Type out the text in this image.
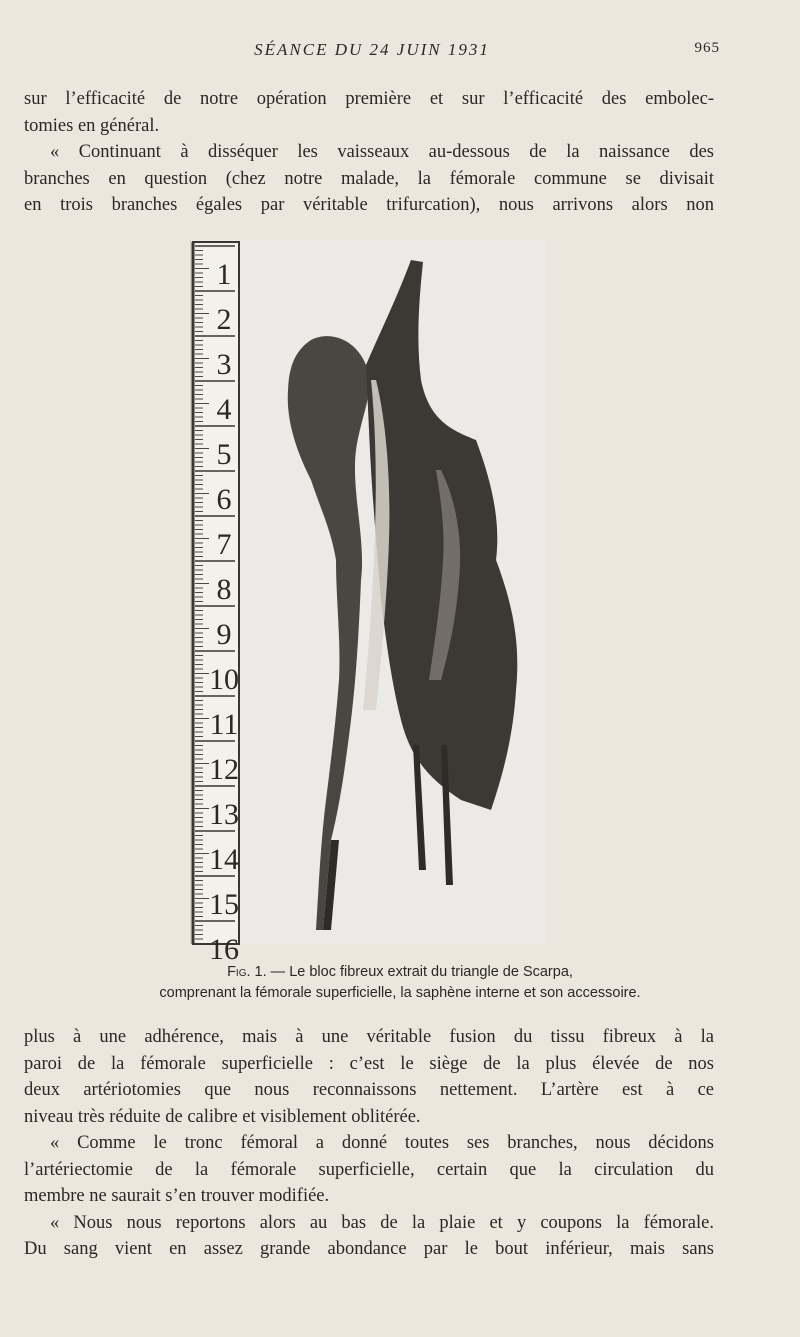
SÉANCE DU 24 JUIN 1931	965
sur l’efficacité de notre opération première et sur l’efficacité des embolec-
tomies en général.
« Continuant à disséquer les vaisseaux au-dessous de la naissance des
branches en question (chez notre malade, la fémorale commune se divisait
en trois branches égales par véritable trifurcation), nous arrivons alors non
1
2
3
4
5
6
7
8
9
10
11
12
13
14
15
16
Fig. 1. — Le bloc fibreux extrait du triangle de Scarpa,
comprenant la fémorale superficielle, la saphène interne et son accessoire.
plus à une adhérence, mais à une véritable fusion du tissu fibreux à la
paroi de la fémorale superficielle : c’est le siège de la plus élevée de nos
deux artériotomies que nous reconnaissons nettement. L’artère est à ce
niveau très réduite de calibre et visiblement oblitérée.
« Comme le tronc fémoral a donné toutes ses branches, nous décidons
l’artériectomie de la fémorale superficielle, certain que la circulation du
membre ne saurait s’en trouver modifiée.
« Nous nous reportons alors au bas de la plaie et y coupons la fémorale.
Du sang vient en assez grande abondance par le bout inférieur, mais sans
